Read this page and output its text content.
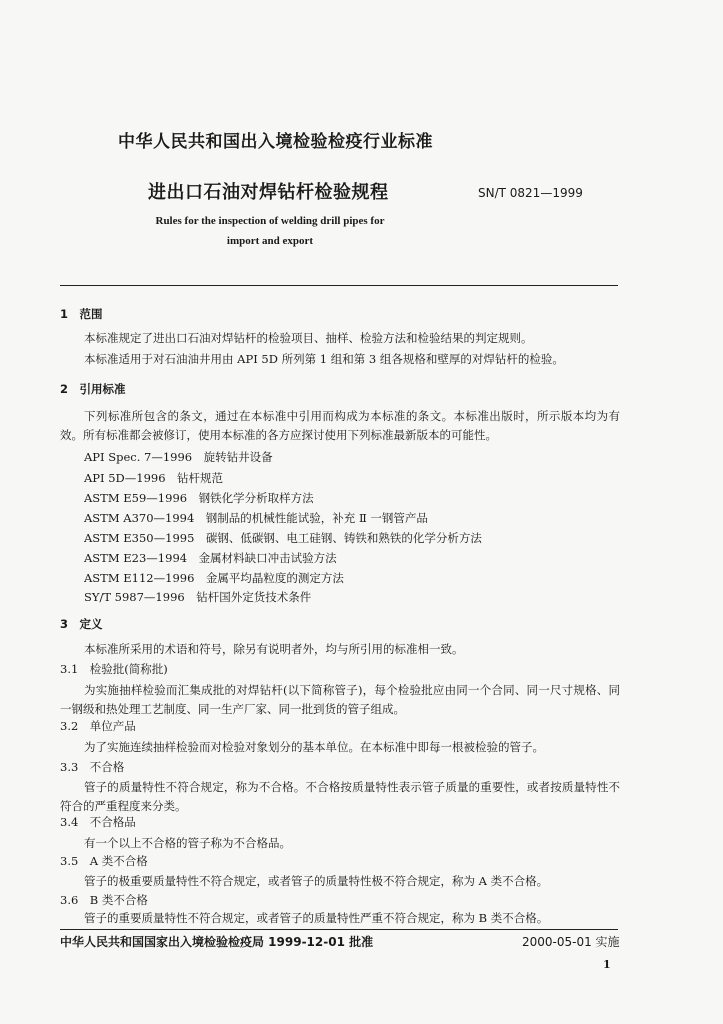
中华人民共和国出入境检验检疫行业标准
进出口石油对焊钻杆检验规程	SN/T 0821—1999
Rules for the inspection of welding drill pipes for
import and export
1　范围
本标准规定了进出口石油对焊钻杆的检验项目、抽样、检验方法和检验结果的判定规则。
本标准适用于对石油油井用由 API 5D 所列第 1 组和第 3 组各规格和壁厚的对焊钻杆的检验。
2　引用标准
下列标准所包含的条文，通过在本标准中引用而构成为本标准的条文。本标准出版时，所示版本均为有效。所有标准都会被修订，使用本标准的各方应探讨使用下列标准最新版本的可能性。
API Spec. 7—1996　旋转钻井设备
API 5D—1996　钻杆规范
ASTM E59—1996　钢铁化学分析取样方法
ASTM A370—1994　钢制品的机械性能试验，补充 Ⅱ 一钢管产品
ASTM E350—1995　碳钢、低碳钢、电工硅钢、铸铁和熟铁的化学分析方法
ASTM E23—1994　金属材料缺口冲击试验方法
ASTM E112—1996　金属平均晶粒度的测定方法
SY/T 5987—1996　钻杆国外定货技术条件
3　定义
本标准所采用的术语和符号，除另有说明者外，均与所引用的标准相一致。
3.1　检验批(简称批)
为实施抽样检验而汇集成批的对焊钻杆(以下简称管子)，每个检验批应由同一个合同、同一尺寸规格、同一钢级和热处理工艺制度、同一生产厂家、同一批到货的管子组成。
3.2　单位产品
为了实施连续抽样检验而对检验对象划分的基本单位。在本标准中即每一根被检验的管子。
3.3　不合格
管子的质量特性不符合规定，称为不合格。不合格按质量特性表示管子质量的重要性，或者按质量特性不符合的严重程度来分类。
3.4　不合格品
有一个以上不合格的管子称为不合格品。
3.5　A 类不合格
管子的极重要质量特性不符合规定，或者管子的质量特性极不符合规定，称为 A 类不合格。
3.6　B 类不合格
管子的重要质量特性不符合规定，或者管子的质量特性严重不符合规定，称为 B 类不合格。
中华人民共和国国家出入境检验检疫局 1999-12-01 批准	2000-05-01 实施
1
